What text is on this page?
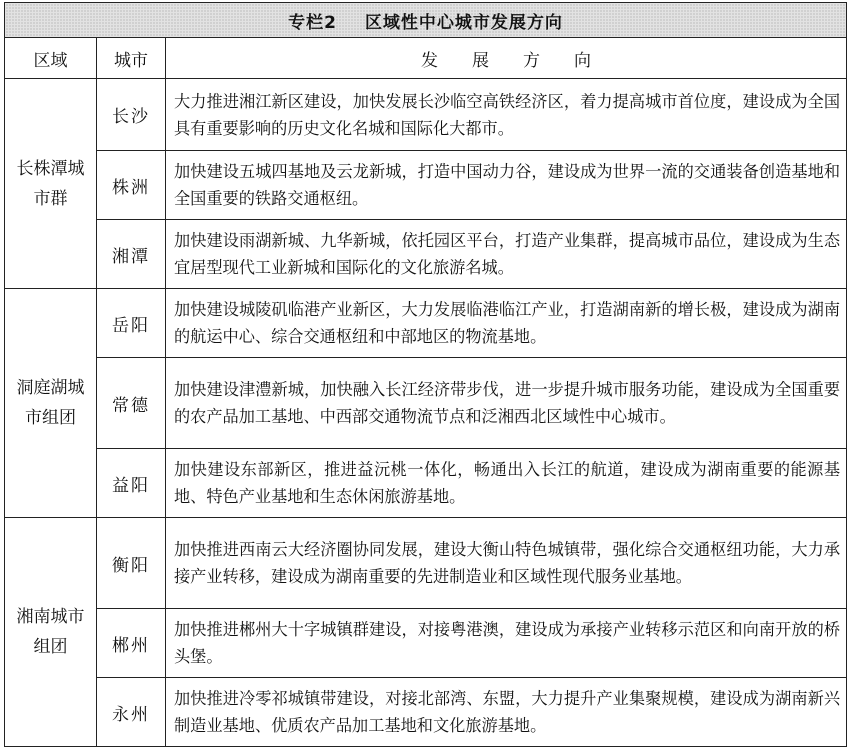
专栏2 区域性中心城市发展方向		
区域	城市	发展方向
长株潭城市群	长沙	大力推进湘江新区建设，加快发展长沙临空高铁经济区，着力提高城市首位度，建设成为全国具有重要影响的历史文化名城和国际化大都市。
	株洲	加快建设五城四基地及云龙新城，打造中国动力谷，建设成为世界一流的交通装备创造基地和全国重要的铁路交通枢纽。
	湘潭	加快建设雨湖新城、九华新城，依托园区平台，打造产业集群，提高城市品位，建设成为生态宜居型现代工业新城和国际化的文化旅游名城。
洞庭湖城市组团	岳阳	加快建设城陵矶临港产业新区，大力发展临港临江产业，打造湖南新的增长极，建设成为湖南的航运中心、综合交通枢纽和中部地区的物流基地。
	常德	加快建设津澧新城，加快融入长江经济带步伐，进一步提升城市服务功能，建设成为全国重要的农产品加工基地、中西部交通物流节点和泛湘西北区域性中心城市。
	益阳	加快建设东部新区，推进益沅桃一体化，畅通出入长江的航道，建设成为湖南重要的能源基地、特色产业基地和生态休闲旅游基地。
湘南城市组团	衡阳	加快推进西南云大经济圈协同发展，建设大衡山特色城镇带，强化综合交通枢纽功能，大力承接产业转移，建设成为湖南重要的先进制造业和区域性现代服务业基地。
	郴州	加快推进郴州大十字城镇群建设，对接粤港澳，建设成为承接产业转移示范区和向南开放的桥头堡。
	永州	加快推进冷零祁城镇带建设，对接北部湾、东盟，大力提升产业集聚规模，建设成为湖南新兴制造业基地、优质农产品加工基地和文化旅游基地。
